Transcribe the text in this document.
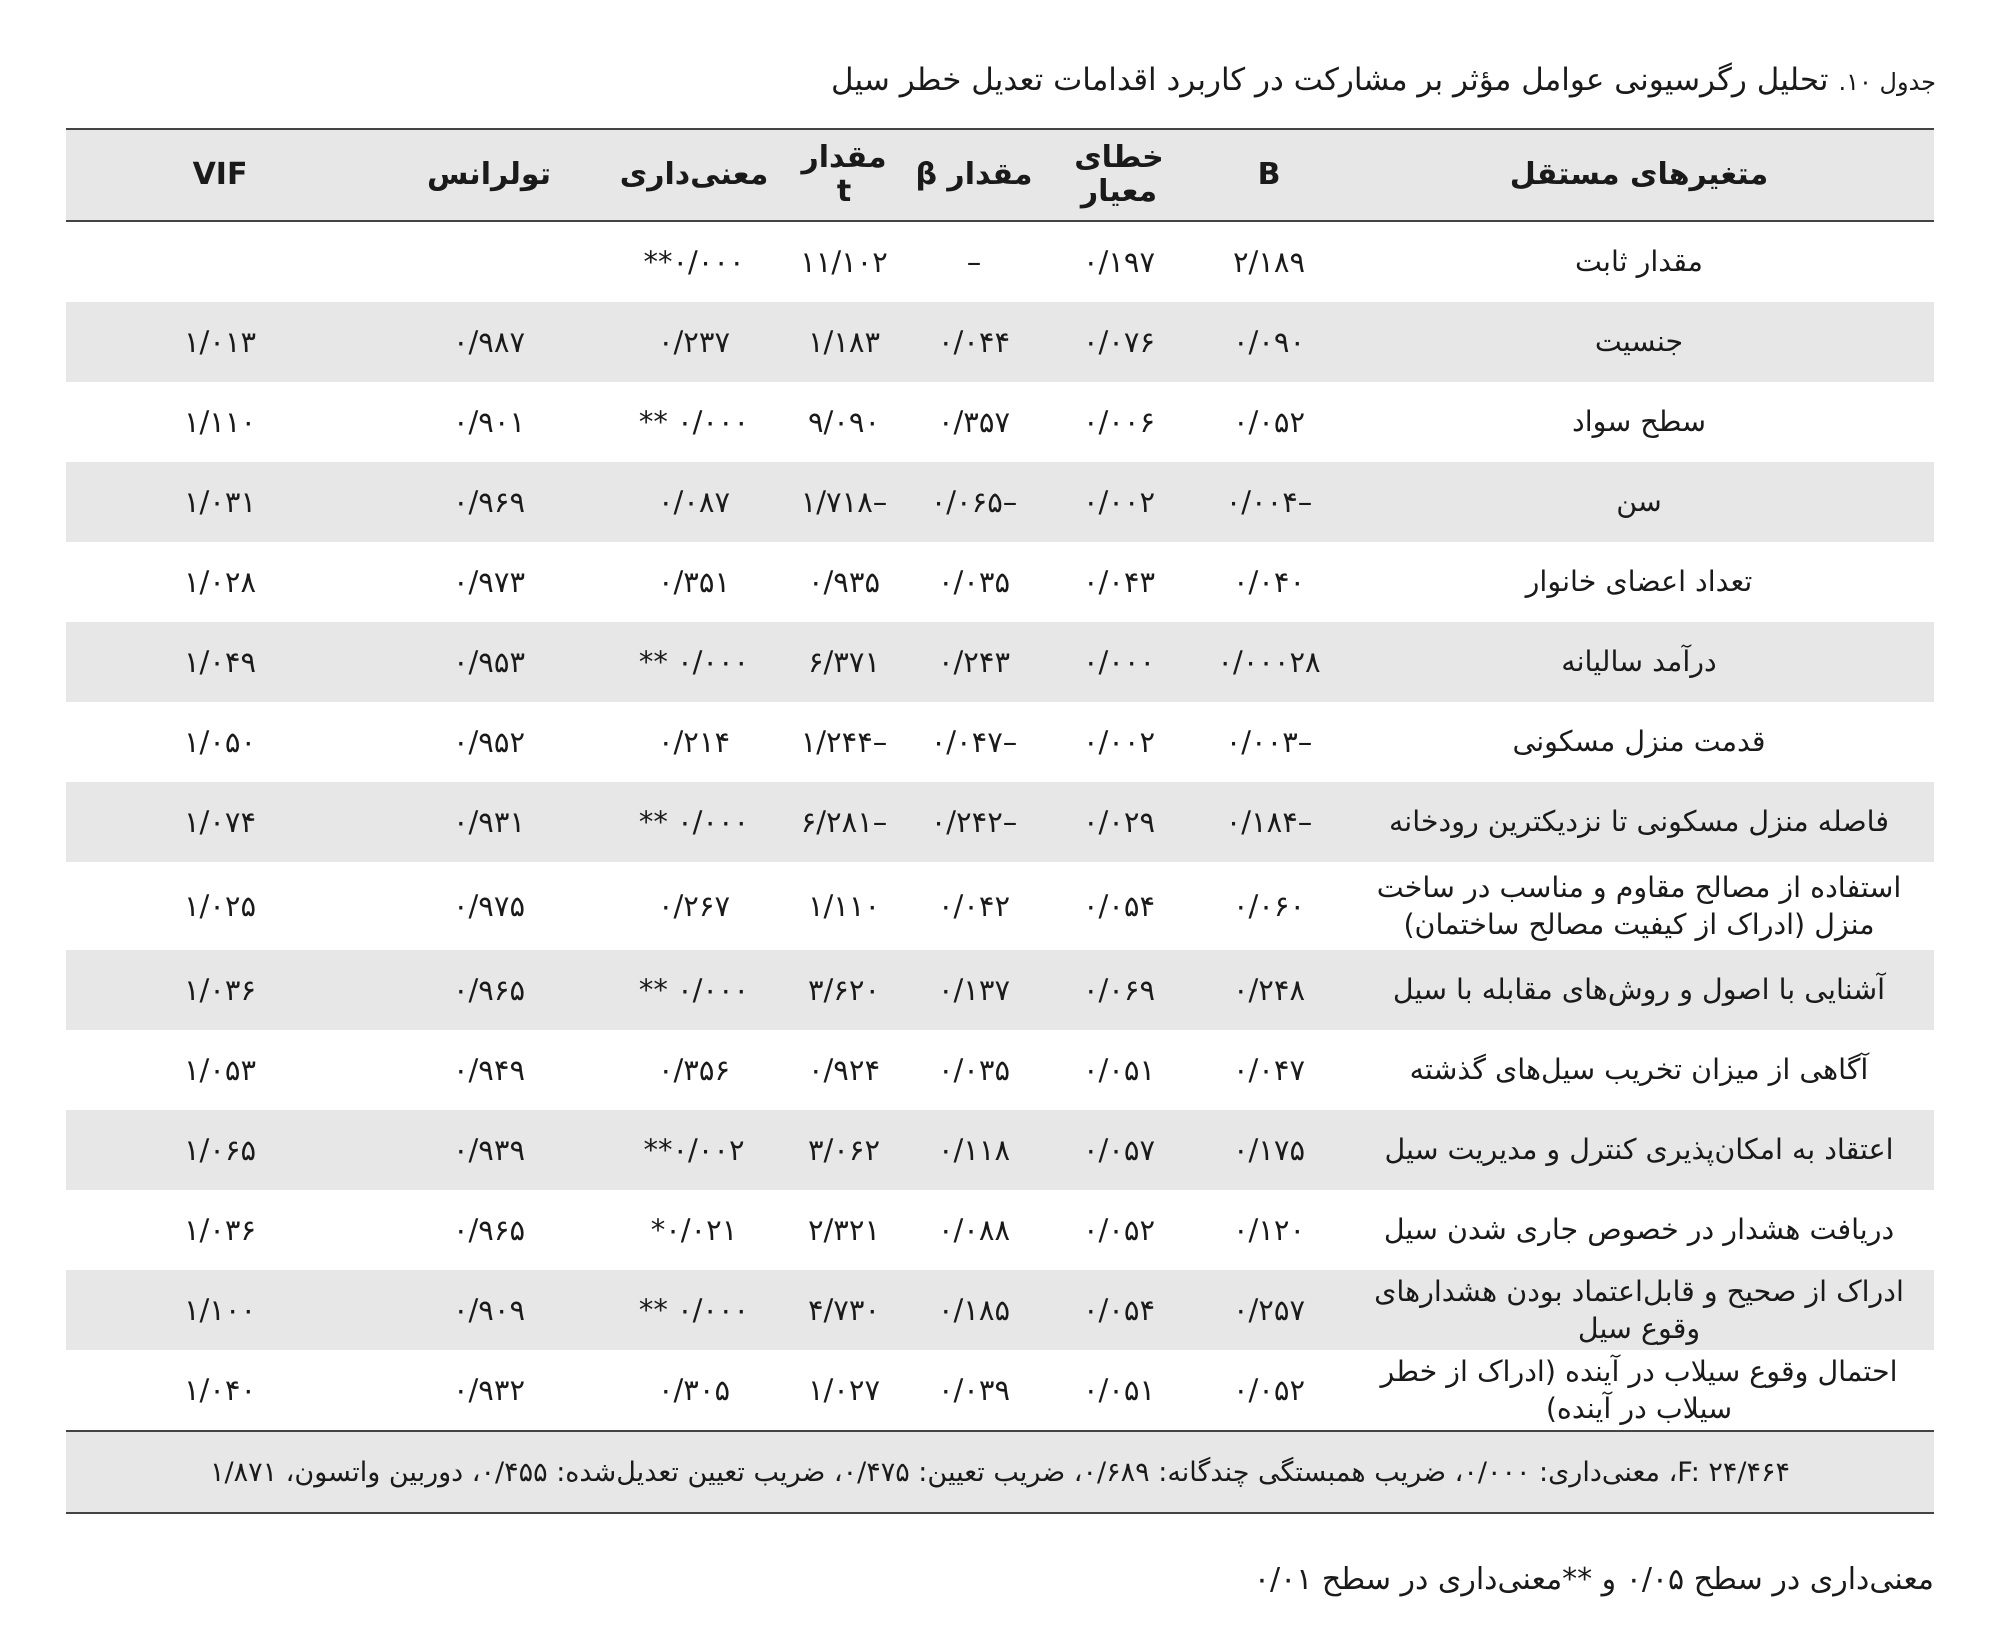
جدول ۱۰.تحلیل رگرسیونی عوامل مؤثر بر مشارکت در کاربرد اقدامات تعدیل خطر سیل
متغیرهای مستقل	B	خطای معیار	مقدار β	مقدار t	معنی‌داری	تولرانس	VIF
مقدار ثابت	۲/۱۸۹	۰/۱۹۷	–	۱۱/۱۰۲	۰/۰۰۰**		
جنسیت	۰/۰۹۰	۰/۰۷۶	۰/۰۴۴	۱/۱۸۳	۰/۲۳۷	۰/۹۸۷	۱/۰۱۳
سطح سواد	۰/۰۵۲	۰/۰۰۶	۰/۳۵۷	۹/۰۹۰	۰/۰۰۰ **	۰/۹۰۱	۱/۱۱۰
سن	–۰/۰۰۴	۰/۰۰۲	–۰/۰۶۵	–۱/۷۱۸	۰/۰۸۷	۰/۹۶۹	۱/۰۳۱
تعداد اعضای خانوار	۰/۰۴۰	۰/۰۴۳	۰/۰۳۵	۰/۹۳۵	۰/۳۵۱	۰/۹۷۳	۱/۰۲۸
درآمد سالیانه	۰/۰۰۰۲۸	۰/۰۰۰	۰/۲۴۳	۶/۳۷۱	۰/۰۰۰ **	۰/۹۵۳	۱/۰۴۹
قدمت منزل مسکونی	–۰/۰۰۳	۰/۰۰۲	–۰/۰۴۷	–۱/۲۴۴	۰/۲۱۴	۰/۹۵۲	۱/۰۵۰
فاصله منزل مسکونی تا نزدیکترین رودخانه	–۰/۱۸۴	۰/۰۲۹	–۰/۲۴۲	–۶/۲۸۱	۰/۰۰۰ **	۰/۹۳۱	۱/۰۷۴
استفاده از مصالح مقاوم و مناسب در ساخت منزل (ادراک از کیفیت مصالح ساختمان)	۰/۰۶۰	۰/۰۵۴	۰/۰۴۲	۱/۱۱۰	۰/۲۶۷	۰/۹۷۵	۱/۰۲۵
آشنایی با اصول و روش‌های مقابله با سیل	۰/۲۴۸	۰/۰۶۹	۰/۱۳۷	۳/۶۲۰	۰/۰۰۰ **	۰/۹۶۵	۱/۰۳۶
آگاهی از میزان تخریب سیل‌های گذشته	۰/۰۴۷	۰/۰۵۱	۰/۰۳۵	۰/۹۲۴	۰/۳۵۶	۰/۹۴۹	۱/۰۵۳
اعتقاد به امکان‌پذیری کنترل و مدیریت سیل	۰/۱۷۵	۰/۰۵۷	۰/۱۱۸	۳/۰۶۲	۰/۰۰۲**	۰/۹۳۹	۱/۰۶۵
دریافت هشدار در خصوص جاری شدن سیل	۰/۱۲۰	۰/۰۵۲	۰/۰۸۸	۲/۳۲۱	۰/۰۲۱*	۰/۹۶۵	۱/۰۳۶
ادراک از صحیح و قابل‌اعتماد بودن هشدارهای وقوع سیل	۰/۲۵۷	۰/۰۵۴	۰/۱۸۵	۴/۷۳۰	۰/۰۰۰ **	۰/۹۰۹	۱/۱۰۰
احتمال وقوع سیلاب در آینده (ادراک از خطر سیلاب در آینده)	۰/۰۵۲	۰/۰۵۱	۰/۰۳۹	۱/۰۲۷	۰/۳۰۵	۰/۹۳۲	۱/۰۴۰
F: ۲۴/۴۶۴، معنی‌داری: ۰/۰۰۰، ضریب همبستگی چندگانه: ۰/۶۸۹، ضریب تعیین: ۰/۴۷۵، ضریب تعیین تعدیل‌شده: ۰/۴۵۵، دوربین واتسون، ۱/۸۷۱							
معنی‌داری در سطح ۰/۰۵ و **معنی‌داری در سطح ۰/۰۱
